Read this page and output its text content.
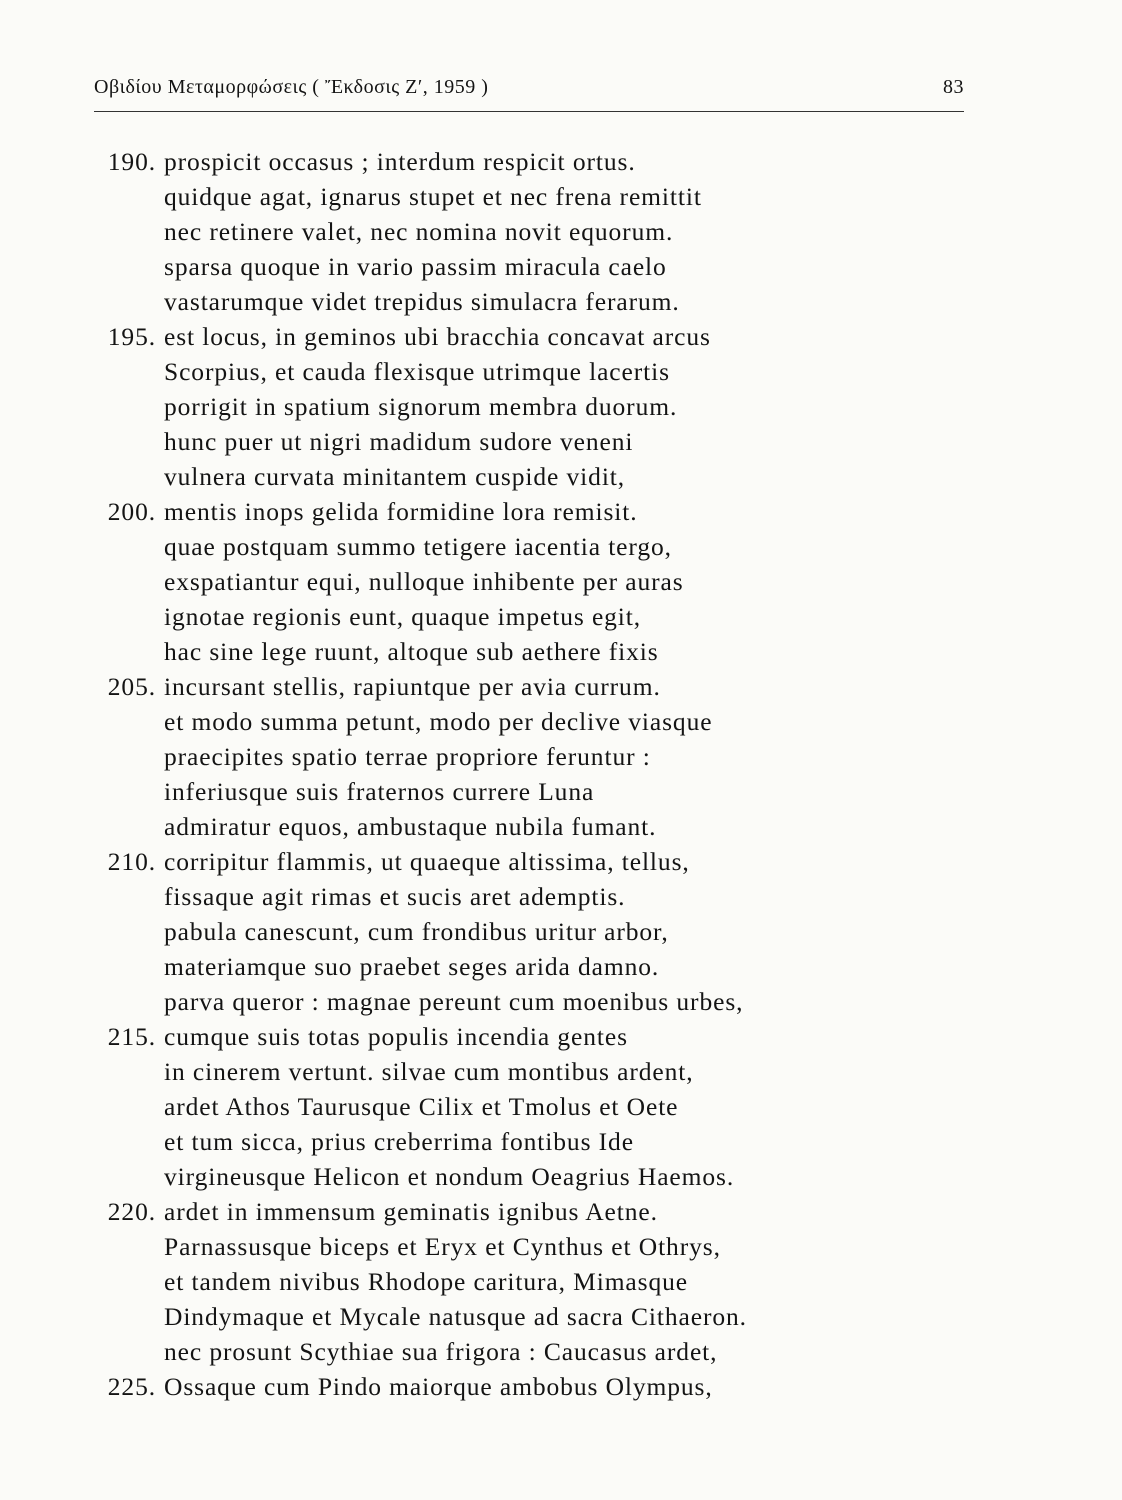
Oβιδίου Μεταμορφώσεις ( Ἔκδοσις Ζ′, 1959 )	83
190. prospicit occasus ; interdum respicit ortus.
quidque agat, ignarus stupet et nec frena remittit
nec retinere valet, nec nomina novit equorum.
sparsa quoque in vario passim miracula caelo
vastarumque videt trepidus simulacra ferarum.
195. est locus, in geminos ubi bracchia concavat arcus
Scorpius, et cauda flexisque utrimque lacertis
porrigit in spatium signorum membra duorum.
hunc puer ut nigri madidum sudore veneni
vulnera curvata minitantem cuspide vidit,
200. mentis inops gelida formidine lora remisit.
quae postquam summo tetigere iacentia tergo,
exspatiantur equi, nulloque inhibente per auras
ignotae regionis eunt, quaque impetus egit,
hac sine lege ruunt, altoque sub aethere fixis
205. incursant stellis, rapiuntque per avia currum.
et modo summa petunt, modo per declive viasque
praecipites spatio terrae propriore feruntur :
inferiusque suis fraternos currere Luna
admiratur equos, ambustaque nubila fumant.
210. corripitur flammis, ut quaeque altissima, tellus,
fissaque agit rimas et sucis aret ademptis.
pabula canescunt, cum frondibus uritur arbor,
materiamque suo praebet seges arida damno.
parva queror : magnae pereunt cum moenibus urbes,
215. cumque suis totas populis incendia gentes
in cinerem vertunt. silvae cum montibus ardent,
ardet Athos Taurusque Cilix et Tmolus et Oete
et tum sicca, prius creberrima fontibus Ide
virgineusque Helicon et nondum Oeagrius Haemos.
220. ardet in immensum geminatis ignibus Aetne.
Parnassusque biceps et Eryx et Cynthus et Othrys,
et tandem nivibus Rhodope caritura, Mimasque
Dindymaque et Mycale natusque ad sacra Cithaeron.
nec prosunt Scythiae sua frigora : Caucasus ardet,
225. Ossaque cum Pindo maiorque ambobus Olympus,
